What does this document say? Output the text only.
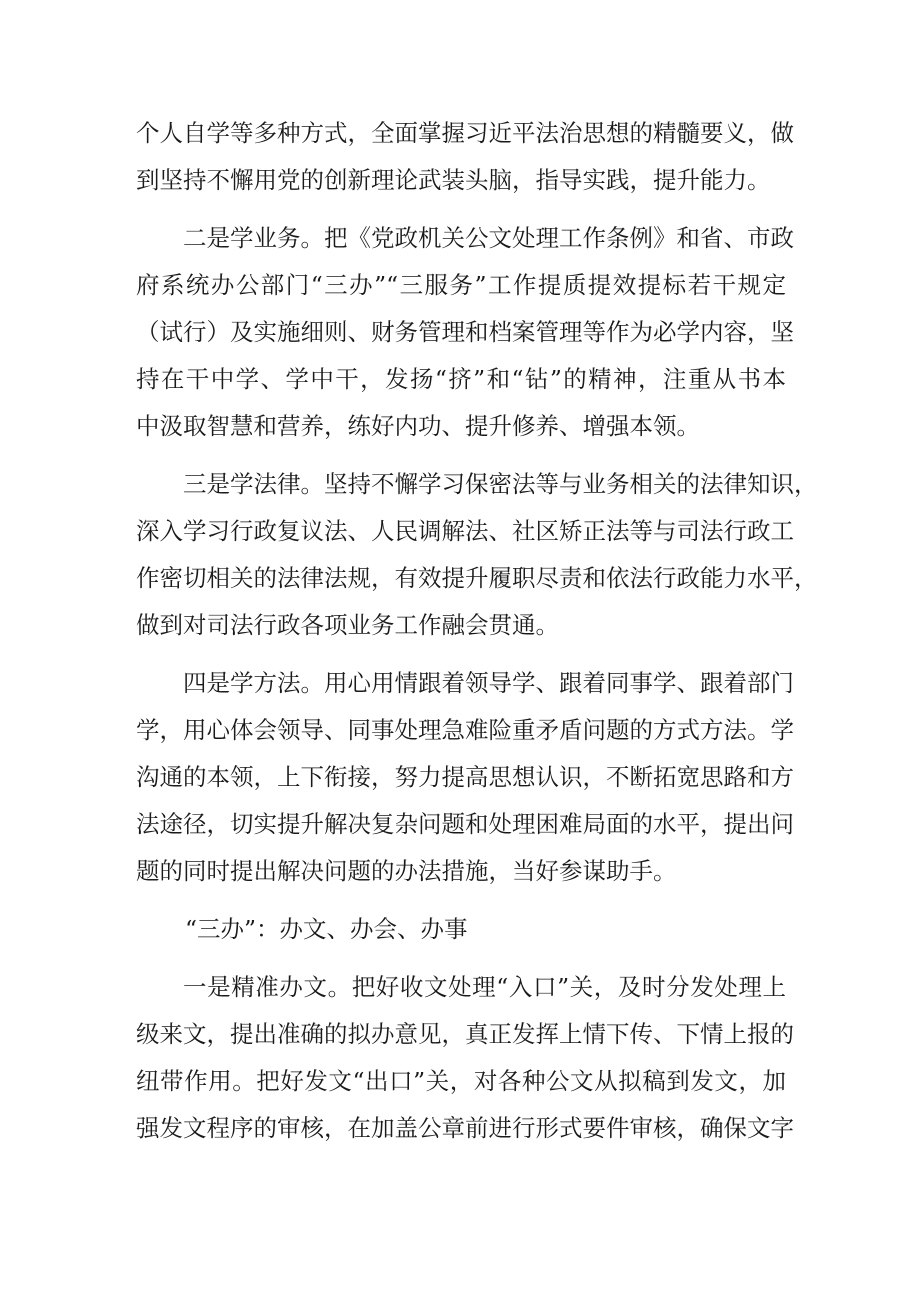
个人自学等多种方式，全面掌握习近平法治思想的精髓要义，做
到坚持不懈用党的创新理论武装头脑，指导实践，提升能力。
二是学业务。把《党政机关公文处理工作条例》和省、市政
府系统办公部门“三办”“三服务”工作提质提效提标若干规定
（试行）及实施细则、财务管理和档案管理等作为必学内容，坚
持在干中学、学中干，发扬“挤”和“钻”的精神，注重从书本
中汲取智慧和营养，练好内功、提升修养、增强本领。
三是学法律。坚持不懈学习保密法等与业务相关的法律知识，
深入学习行政复议法、人民调解法、社区矫正法等与司法行政工
作密切相关的法律法规，有效提升履职尽责和依法行政能力水平，
做到对司法行政各项业务工作融会贯通。
四是学方法。用心用情跟着领导学、跟着同事学、跟着部门
学，用心体会领导、同事处理急难险重矛盾问题的方式方法。学
沟通的本领，上下衔接，努力提高思想认识，不断拓宽思路和方
法途径，切实提升解决复杂问题和处理困难局面的水平，提出问
题的同时提出解决问题的办法措施，当好参谋助手。
“三办”：办文、办会、办事
一是精准办文。把好收文处理“入口”关，及时分发处理上
级来文，提出准确的拟办意见，真正发挥上情下传、下情上报的
纽带作用。把好发文“出口”关，对各种公文从拟稿到发文，加
强发文程序的审核，在加盖公章前进行形式要件审核，确保文字
